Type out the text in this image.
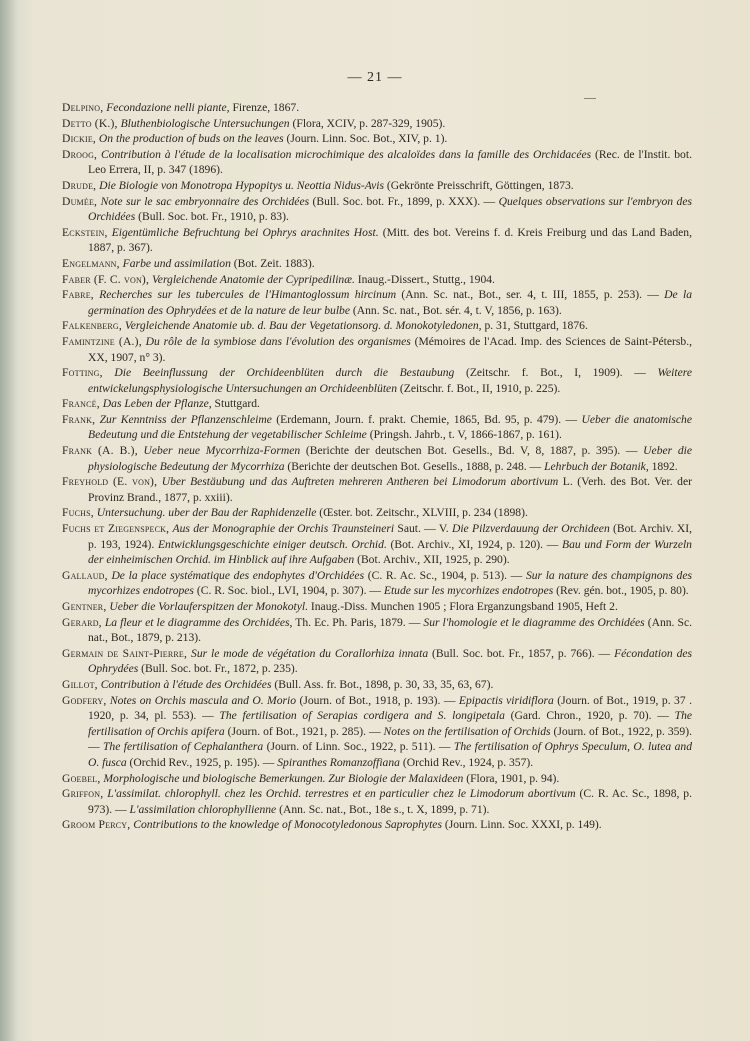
— 21 —

Delpino, Fecondazione nelli piante, Firenze, 1867.

Detto (K.), Bluthenbiologische Untersuchungen (Flora, XCIV, p. 287-329, 1905).

Dickie, On the production of buds on the leaves (Journ. Linn. Soc. Bot., XIV, p. 1).

Droog, Contribution à l'étude de la localisation microchimique des alcaloïdes dans la famille des Orchidacées (Rec. de l'Instit. bot. Leo Errera, II, p. 347 (1896).

Drude, Die Biologie von Monotropa Hypopitys u. Neottia Nidus-Avis (Gekrönte Preisschrift, Göttingen, 1873.

Dumée, Note sur le sac embryonnaire des Orchidées (Bull. Soc. bot. Fr., 1899, p. XXX). — Quelques observations sur l'embryon des Orchidées (Bull. Soc. bot. Fr., 1910, p. 83).

Eckstein, Eigentümliche Befruchtung bei Ophrys arachnites Host. (Mitt. des bot. Vereins f. d. Kreis Freiburg und das Land Baden, 1887, p. 367).

Engelmann, Farbe und assimilation (Bot. Zeit. 1883).

Faber (F. C. von), Vergleichende Anatomie der Cypripedilinæ. Inaug.-Dissert., Stuttg., 1904.

Fabre, Recherches sur les tubercules de l'Himantoglossum hircinum (Ann. Sc. nat., Bot., ser. 4, t. III, 1855, p. 253). — De la germination des Ophrydées et de la nature de leur bulbe (Ann. Sc. nat., Bot. sér. 4, t. V, 1856, p. 163).

Falkenberg, Vergleichende Anatomie ub. d. Bau der Vegetationsorg. d. Monokotyledonen, p. 31, Stuttgard, 1876.

Famintzine (A.), Du rôle de la symbiose dans l'évolution des organismes (Mémoires de l'Acad. Imp. des Sciences de Saint-Pétersb., XX, 1907, n° 3).

Fotting, Die Beeinflussung der Orchideenblüten durch die Bestaubung (Zeitschr. f. Bot., I, 1909). — Weitere entwickelungsphysiologische Untersuchungen an Orchideenblüten (Zeitschr. f. Bot., II, 1910, p. 225).

Francé, Das Leben der Pflanze, Stuttgard.

Frank, Zur Kenntniss der Pflanzenschleime (Erdemann, Journ. f. prakt. Chemie, 1865, Bd. 95, p. 479). — Ueber die anatomische Bedeutung und die Entstehung der vegetabilischer Schleime (Pringsh. Jahrb., t. V, 1866-1867, p. 161).

Frank (A. B.), Ueber neue Mycorrhiza-Formen (Berichte der deutschen Bot. Gesells., Bd. V, 8, 1887, p. 395). — Ueber die physiologische Bedeutung der Mycorrhiza (Berichte der deutschen Bot. Gesells., 1888, p. 248. — Lehrbuch der Botanik, 1892.

Freyhold (E. von), Uber Bestäubung und das Auftreten mehreren Antheren bei Limodorum abortivum L. (Verh. des Bot. Ver. der Provinz Brand., 1877, p. xxiii).

Fuchs, Untersuchung. uber der Bau der Raphidenzelle (Œster. bot. Zeitschr., XLVIII, p. 234 (1898).

Fuchs et Ziegenspeck, Aus der Monographie der Orchis Traunsteineri Saut. — V. Die Pilzverdauung der Orchideen (Bot. Archiv. XI, p. 193, 1924). Entwicklungsgeschichte einiger deutsch. Orchid. (Bot. Archiv., XI, 1924, p. 120). — Bau und Form der Wurzeln der einheimischen Orchid. im Hinblick auf ihre Aufgaben (Bot. Archiv., XII, 1925, p. 290).

Gallaud, De la place systématique des endophytes d'Orchidées (C. R. Ac. Sc., 1904, p. 513). — Sur la nature des champignons des mycorhizes endotropes (C. R. Soc. biol., LVI, 1904, p. 307). — Etude sur les mycorhizes endotropes (Rev. gén. bot., 1905, p. 80).

Gentner, Ueber die Vorlauferspitzen der Monokotyl. Inaug.-Diss. Munchen 1905 ; Flora Erganzungsband 1905, Heft 2.

Gerard, La fleur et le diagramme des Orchidées, Th. Ec. Ph. Paris, 1879. — Sur l'homologie et le diagramme des Orchidées (Ann. Sc. nat., Bot., 1879, p. 213).

Germain de Saint-Pierre, Sur le mode de végétation du Corallorhiza innata (Bull. Soc. bot. Fr., 1857, p. 766). — Fécondation des Ophrydées (Bull. Soc. bot. Fr., 1872, p. 235).

Gillot, Contribution à l'étude des Orchidées (Bull. Ass. fr. Bot., 1898, p. 30, 33, 35, 63, 67).

Godfery, Notes on Orchis mascula and O. Morio (Journ. of Bot., 1918, p. 193). — Epipactis viridiflora (Journ. of Bot., 1919, p. 37 . 1920, p. 34, pl. 553). — The fertilisation of Serapias cordigera and S. longipetala (Gard. Chron., 1920, p. 70). — The fertilisation of Orchis apifera (Journ. of Bot., 1921, p. 285). — Notes on the fertilisation of Orchids (Journ. of Bot., 1922, p. 359). — The fertilisation of Cephalanthera (Journ. of Linn. Soc., 1922, p. 511). — The fertilisation of Ophrys Speculum, O. lutea and O. fusca (Orchid Rev., 1925, p. 195). — Spiranthes Romanzoffiana (Orchid Rev., 1924, p. 357).

Goebel, Morphologische und biologische Bemerkungen. Zur Biologie der Malaxideen (Flora, 1901, p. 94).

Griffon, L'assimilat. chlorophyll. chez les Orchid. terrestres et en particulier chez le Limodorum abortivum (C. R. Ac. Sc., 1898, p. 973). — L'assimilation chlorophyllienne (Ann. Sc. nat., Bot., 18e s., t. X, 1899, p. 71).

Groom Percy, Contributions to the knowledge of Monocotyledonous Saprophytes (Journ. Linn. Soc. XXXI, p. 149).
